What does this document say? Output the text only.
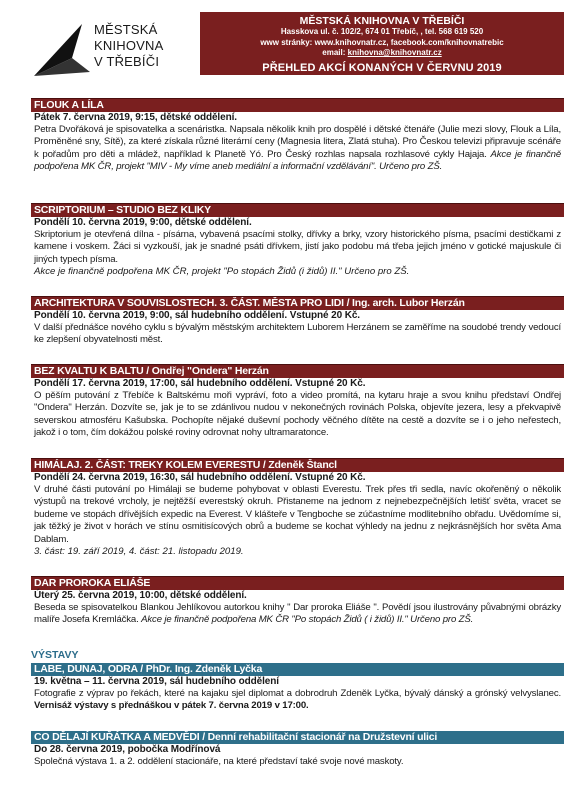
MĚSTSKÁ
KNIHOVNA
V TŘEBÍČI
MĚSTSKÁ KNIHOVNA V TŘEBÍČI
Hasskova ul. č. 102/2, 674 01 Třebíč, , tel. 568 619 520
www stránky: www.knihovnatr.cz, facebook.com/knihovnatrebic
email: knihovna@knihovnatr.cz
PŘEHLED AKCÍ KONANÝCH V ČERVNU 2019
FLOUK A LÍLA
Pátek 7. června 2019, 9:15, dětské oddělení.
Petra Dvořáková je spisovatelka a scenáristka. Napsala několik knih pro dospělé i dětské čtenáře (Julie mezi slovy, Flouk a Líla, Proměněné sny, Sítě), za které získala různé literární ceny (Magnesia litera, Zlatá stuha). Pro Českou televizi připravuje scénáře k pořadům pro děti a mládež, například k Planetě Yó. Pro Český rozhlas napsala rozhlasové cykly Hajaja. Akce je finančně podpořena MK ČR, projekt "MIV - My víme aneb mediální a informační vzdělávání". Určeno pro ZŠ.
SCRIPTORIUM – STUDIO BEZ KLIKY
Pondělí 10. června 2019, 9:00, dětské oddělení.
Skriptorium je otevřená dílna - písárna, vybavená psacími stolky, dřívky a brky, vzory historického písma, psacími destičkami z kamene i voskem. Žáci si vyzkouší, jak je snadné psáti dřívkem, jistí jako podobu má třeba jejich jméno v gotické majuskule či jiných typech písma.
Akce je finančně podpořena MK ČR, projekt "Po stopách Židů (i židů) II." Určeno pro ZŠ.
ARCHITEKTURA V SOUVISLOSTECH. 3. ČÁST. MĚSTA PRO LIDI / Ing. arch. Lubor Herzán
Pondělí 10. června 2019, 9:00, sál hudebního oddělení. Vstupné 20 Kč.
V další přednášce nového cyklu s bývalým městským architektem Luborem Herzánem se zaměříme na soudobé trendy vedoucí ke zlepšení obyvatelnosti měst.
BEZ KVALTU K BALTU / Ondřej "Ondera" Herzán
Pondělí 17. června 2019, 17:00, sál hudebního oddělení. Vstupné 20 Kč.
O pěším putování z Třebíče k Baltskému moři vypráví, foto a video promítá, na kytaru hraje a svou knihu představí Ondřej "Ondera" Herzán. Dozvíte se, jak je to se zdánlivou nudou v nekonečných rovinách Polska, objevíte jezera, lesy a překvapivě severskou atmosféru Kašubska. Pochopíte nějaké duševní pochody věčného dítěte na cestě a dozvíte se i o jeho neřestech, jakož i o tom, čím dokážou polské roviny odrovnat nohy ultramaratonce.
HIMÁLAJ. 2. ČÁST: TREKY KOLEM EVERESTU / Zdeněk Štancl
Pondělí 24. června 2019, 16:30, sál hudebního oddělení. Vstupné 20 Kč.
V druhé části putování po Himálaji se budeme pohybovat v oblasti Everestu. Trek přes tři sedla, navíc okořeněný o několik výstupů na trekové vrcholy, je nejtěžší everestský okruh. Přistaneme na jednom z nejnebezpečnějších letišť světa, vracet se budeme ve stopách dřívějších expedic na Everest. V klášteře v Tengboche se zúčastníme modlitebního obřadu. Uvědomíme si, jak těžký je život v horách ve stínu osmitisícových obrů a budeme se kochat výhledy na jednu z nejkrásnějších hor světa Ama Dablam.
3. část: 19. září 2019, 4. část: 21. listopadu 2019.
DAR PROROKA ELIÁŠE
Úterý 25. června 2019, 10:00, dětské oddělení.
Beseda se spisovatelkou Blankou Jehlíkovou autorkou knihy " Dar proroka Eliáše ". Povědí jsou ilustrovány půvabnými obrázky malíře Josefa Kremláčka. Akce je finančně podpořena MK ČR "Po stopách Židů ( i židů) II." Určeno pro ZŠ.
VÝSTAVY
LABE, DUNAJ, ODRA / PhDr. Ing. Zdeněk Lyčka
19. května – 11. června 2019, sál hudebního oddělení
Fotografie z výprav po řekách, které na kajaku sjel diplomat a dobrodruh Zdeněk Lyčka, bývalý dánský a grónský velvyslanec. Vernisáž výstavy s přednáškou v pátek 7. června 2019 v 17:00.
CO DĚLAJÍ KUŘÁTKA A MEDVĚDI / Denní rehabilitační stacionář na Družstevní ulici
Do 28. června 2019, pobočka Modřínová
Společná výstava 1. a 2. oddělení stacionáře, na které představí také svoje nové maskoty.
